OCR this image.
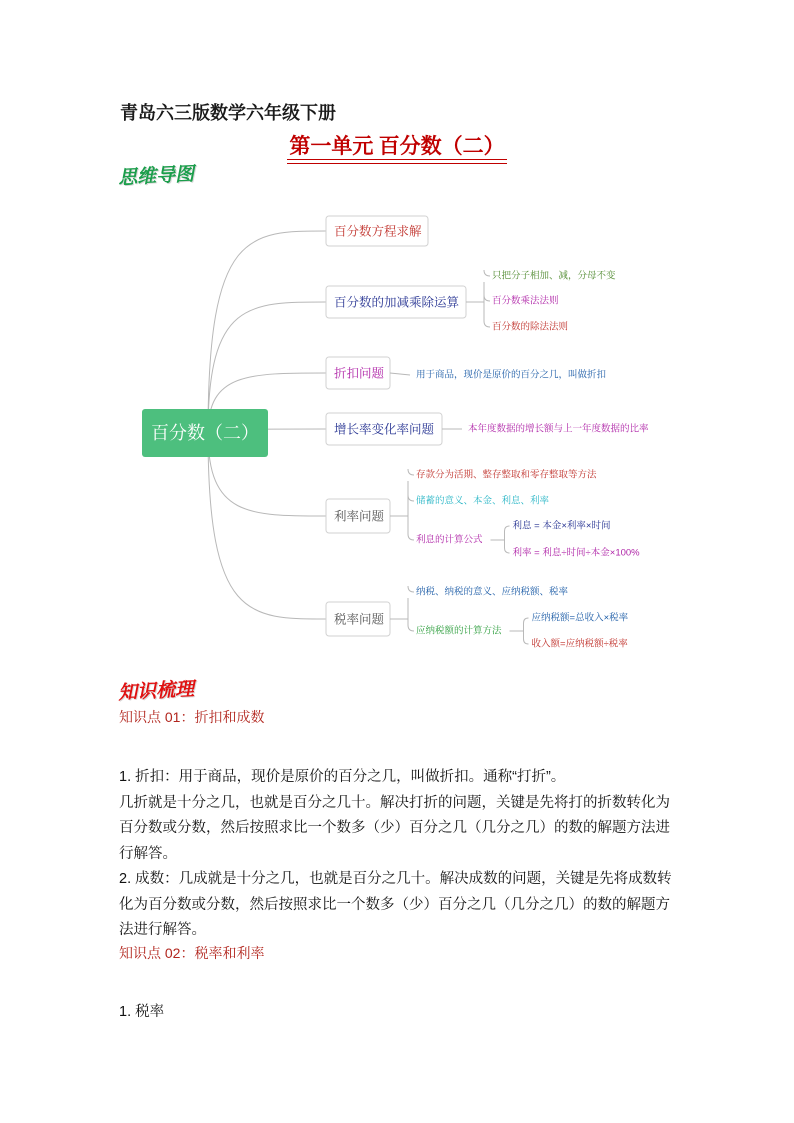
青岛六三版数学六年级下册
第一单元 百分数（二）
思维导图
百分数（二）
百分数方程求解
百分数的加减乘除运算
只把分子相加、减，分母不变
百分数乘法法则
百分数的除法法则
折扣问题	用于商品，现价是原价的百分之几，叫做折扣
增长率变化率问题	本年度数据的增长额与上一年度数据的比率
利率问题
存款分为活期、整存整取和零存整取等方法
储蓄的意义、本金、利息、利率
利息的计算公式
利息 = 本金×利率×时间
利率 = 利息÷时间÷本金×100%
税率问题
纳税、纳税的意义、应纳税额、税率
应纳税额的计算方法
应纳税额=总收入×税率
收入额=应纳税额÷税率
知识梳理
知识点 01：折扣和成数
1. 折扣：用于商品，现价是原价的百分之几，叫做折扣。通称“打折”。
几折就是十分之几，也就是百分之几十。解决打折的问题，关键是先将打的折数转化为百分数或分数，然后按照求比一个数多（少）百分之几（几分之几）的数的解题方法进行解答。
2. 成数：几成就是十分之几，也就是百分之几十。解决成数的问题，关键是先将成数转化为百分数或分数，然后按照求比一个数多（少）百分之几（几分之几）的数的解题方法进行解答。
知识点 02：税率和利率
1. 税率
